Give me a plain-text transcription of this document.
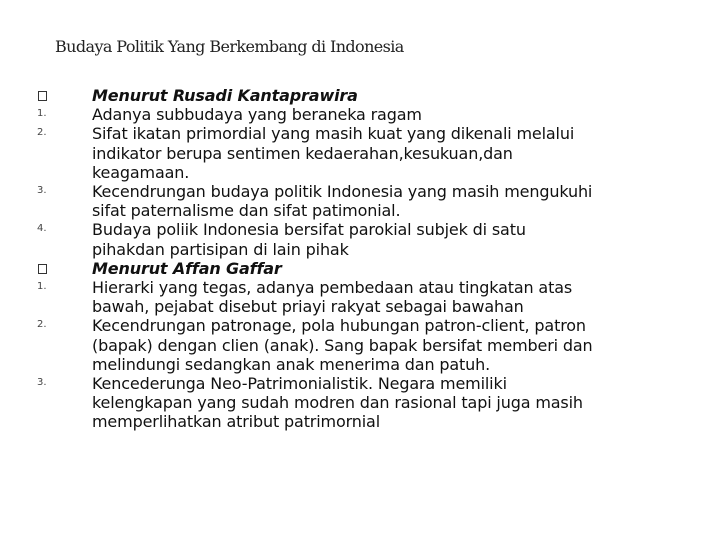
Budaya Politik Yang Berkembang di Indonesia
Menurut Rusadi Kantaprawira
1.	Adanya subbudaya yang beraneka ragam
2.	Sifat ikatan primordial yang masih kuat yang dikenali melalui
indikator berupa sentimen kedaerahan,kesukuan,dan
keagamaan.
3.	Kecendrungan budaya politik Indonesia yang masih mengukuhi
sifat paternalisme dan sifat patimonial.
4.	Budaya poliik Indonesia bersifat parokial subjek di satu
pihakdan partisipan di lain pihak
Menurut Affan Gaffar
1.	Hierarki yang tegas, adanya pembedaan atau tingkatan atas
bawah, pejabat disebut priayi rakyat sebagai bawahan
2.	Kecendrungan patronage, pola hubungan patron-client, patron
(bapak) dengan clien (anak). Sang bapak bersifat memberi dan
melindungi sedangkan anak menerima dan patuh.
3.	Kencederunga Neo-Patrimonialistik. Negara memiliki
kelengkapan yang sudah modren dan rasional tapi juga masih
memperlihatkan atribut patrimornial
